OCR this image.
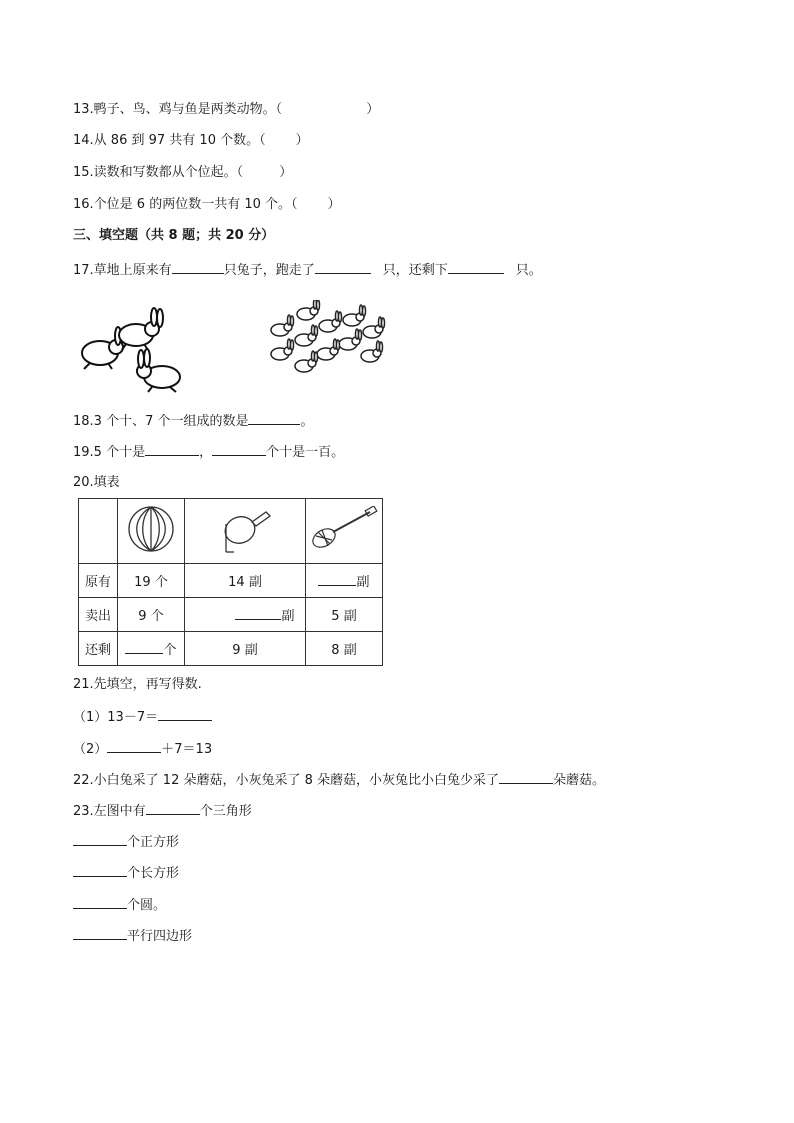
13.鸭子、鸟、鸡与鱼是两类动物。（	）
14.从 86 到 97 共有 10 个数。（ ）
15.读数和写数都从个位起。（	）
16.个位是 6 的两位数一共有 10 个。（ ）
三、填空题（共 8 题；共 20 分）
17.草地上原来有	只兔子，跑走了	只，还剩下	只。
18.3 个十、7 个一组成的数是	。
19.5 个十是	，	个十是一百。
20.填表

原有	19 个	14 副	副
卖出	9 个	副	5 副
还剩	个	9 副	8 副
21.先填空，再写得数.
（1）13－7＝
（2）	＋7＝13
22.小白兔采了 12 朵蘑菇，小灰兔采了 8 朵蘑菇，小灰兔比小白兔少采了	朵蘑菇。
23.左图中有	个三角形
个正方形
个长方形
个圆。
平行四边形
